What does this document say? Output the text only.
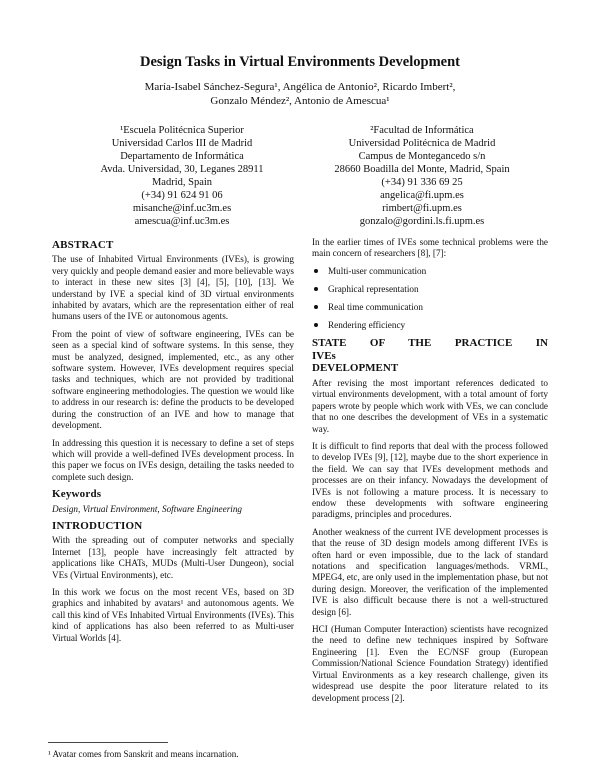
Design Tasks in Virtual Environments Development
María-Isabel Sánchez-Segura¹, Angélica de Antonio², Ricardo Imbert²,
Gonzalo Méndez², Antonio de Amescua¹
¹Escuela Politécnica Superior
Universidad Carlos III de Madrid
Departamento de Informática
Avda. Universidad, 30, Leganes 28911
Madrid, Spain
(+34) 91 624 91 06
misanche@inf.uc3m.es
amescua@inf.uc3m.es
²Facultad de Informática
Universidad Politécnica de Madrid
Campus de Montegancedo s/n
28660 Boadilla del Monte, Madrid, Spain
(+34) 91 336 69 25
angelica@fi.upm.es
rimbert@fi.upm.es
gonzalo@gordini.ls.fi.upm.es
ABSTRACT

The use of Inhabited Virtual Environments (IVEs), is growing very quickly and people demand easier and more believable ways to interact in these new sites [3] [4], [5], [10], [13]. We understand by IVE a special kind of 3D virtual environments inhabited by avatars, which are the representation either of real humans users of the IVE or autonomous agents.

From the point of view of software engineering, IVEs can be seen as a special kind of software systems. In this sense, they must be analyzed, designed, implemented, etc., as any other software system. However, IVEs development requires special tasks and techniques, which are not provided by traditional software engineering methodologies. The question we would like to address in our research is: define the products to be developed during the construction of an IVE and how to manage that development.

In addressing this question it is necessary to define a set of steps which will provide a well-defined IVEs development process. In this paper we focus on IVEs design, detailing the tasks needed to complete such design.

Keywords

Design, Virtual Environment, Software Engineering

INTRODUCTION

With the spreading out of computer networks and specially Internet [13], people have increasingly felt attracted by applications like CHATs, MUDs (Multi-User Dungeon), social VEs (Virtual Environments), etc.

In this work we focus on the most recent VEs, based on 3D graphics and inhabited by avatars¹ and autonomous agents. We call this kind of VEs Inhabited Virtual Environments (IVEs). This kind of applications has also been referred to as Multi-user Virtual Worlds [4].

In the earlier times of IVEs some technical problems were the main concern of researchers [8], [7]:

Multi-user communication
Graphical representation
Real time communication
Rendering efficiency
STATE OF THE PRACTICE IN IVEs
DEVELOPMENT

After revising the most important references dedicated to virtual environments development, with a total amount of forty papers wrote by people which work with VEs, we can conclude that no one describes the development of VEs in a systematic way.

It is difficult to find reports that deal with the process followed to develop IVEs [9], [12], maybe due to the short experience in the field. We can say that IVEs development methods and processes are on their infancy. Nowadays the development of IVEs is not following a mature process. It is necessary to endow these developments with software engineering paradigms, principles and procedures.

Another weakness of the current IVE development processes is that the reuse of 3D design models among different IVEs is often hard or even impossible, due to the lack of standard notations and specification languages/methods. VRML, MPEG4, etc, are only used in the implementation phase, but not during design. Moreover, the verification of the implemented IVE is also difficult because there is not a well-structured design [6].

HCI (Human Computer Interaction) scientists have recognized the need to define new techniques inspired by Software Engineering [1]. Even the EC/NSF group (European Commission/National Science Foundation Strategy) identified Virtual Environments as a key research challenge, given its widespread use despite the poor literature related to its development process [2].

¹ Avatar comes from Sanskrit and means incarnation.
